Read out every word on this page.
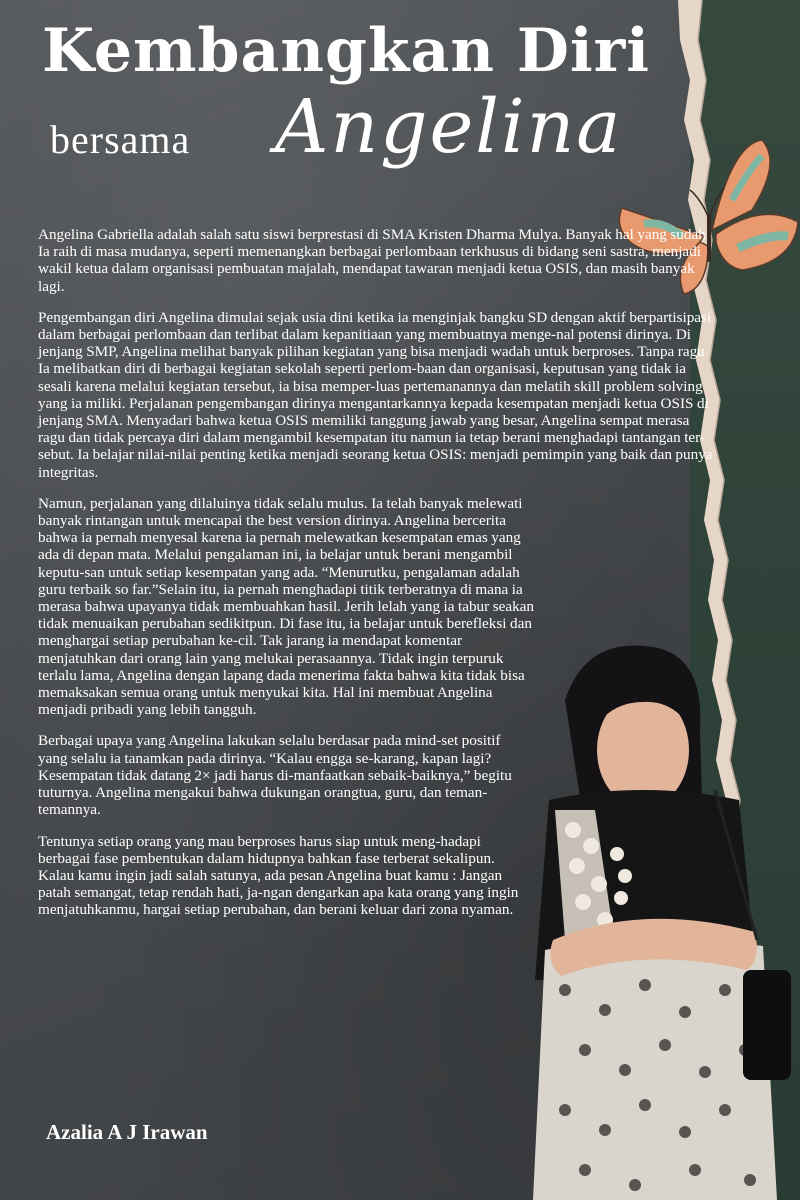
Kembangkan Diri
bersama Angelina

Angelina Gabriella adalah salah satu siswi berprestasi di SMA Kristen Dharma Mulya. Banyak hal yang sudah Ia raih di masa mudanya, seperti memenangkan berbagai perlombaan terkhusus di bidang seni sastra, menjadi wakil ketua dalam organisasi pembuatan majalah, mendapat tawaran menjadi ketua OSIS, dan masih banyak lagi.

Pengembangan diri Angelina dimulai sejak usia dini ketika ia menginjak bangku SD dengan aktif berpartisipasi dalam berbagai perlombaan dan terlibat dalam kepanitiaan yang membuatnya menge-nal potensi dirinya. Di jenjang SMP, Angelina melihat banyak pilihan kegiatan yang bisa menjadi wadah untuk berproses. Tanpa ragu Ia melibatkan diri di berbagai kegiatan sekolah seperti perlom-baan dan organisasi, keputusan yang tidak ia sesali karena melalui kegiatan tersebut, ia bisa memper-luas pertemanannya dan melatih skill problem solving yang ia miliki. Perjalanan pengembangan dirinya mengantarkannya kepada kesempatan menjadi ketua OSIS di jenjang SMA. Menyadari bahwa ketua OSIS memiliki tanggung jawab yang besar, Angelina sempat merasa ragu dan tidak percaya diri dalam mengambil kesempatan itu namun ia tetap berani menghadapi tantangan ter-sebut. Ia belajar nilai-nilai penting ketika menjadi seorang ketua OSIS: menjadi pemimpin yang baik dan punya integritas.

Namun, perjalanan yang dilaluinya tidak selalu mulus. Ia telah banyak melewati banyak rintangan untuk mencapai the best version dirinya. Angelina bercerita bahwa ia pernah menyesal karena ia pernah melewatkan kesempatan emas yang ada di depan mata. Melalui pengalaman ini, ia belajar untuk berani mengambil keputu-san untuk setiap kesempatan yang ada. “Menurutku, pengalaman adalah guru terbaik so far.”Selain itu, ia pernah menghadapi titik terberatnya di mana ia merasa bahwa upayanya tidak membuahkan hasil. Jerih lelah yang ia tabur seakan tidak menuaikan perubahan sedikitpun. Di fase itu, ia belajar untuk berefleksi dan menghargai setiap perubahan ke-cil. Tak jarang ia mendapat komentar menjatuhkan dari orang lain yang melukai perasaannya. Tidak ingin terpuruk terlalu lama, Angelina dengan lapang dada menerima fakta bahwa kita tidak bisa memaksakan semua orang untuk menyukai kita. Hal ini membuat Angelina menjadi pribadi yang lebih tangguh.

Berbagai upaya yang Angelina lakukan selalu berdasar pada mind-set positif yang selalu ia tanamkan pada dirinya. “Kalau engga se-karang, kapan lagi? Kesempatan tidak datang 2× jadi harus di-manfaatkan sebaik-baiknya,” begitu tuturnya. Angelina mengakui bahwa dukungan orangtua, guru, dan teman-temannya.

Tentunya setiap orang yang mau berproses harus siap untuk meng-hadapi berbagai fase pembentukan dalam hidupnya bahkan fase terberat sekalipun. Kalau kamu ingin jadi salah satunya, ada pesan Angelina buat kamu : Jangan patah semangat, tetap rendah hati, ja-ngan dengarkan apa kata orang yang ingin menjatuhkanmu, hargai setiap perubahan, dan berani keluar dari zona nyaman.

Azalia A J Irawan
